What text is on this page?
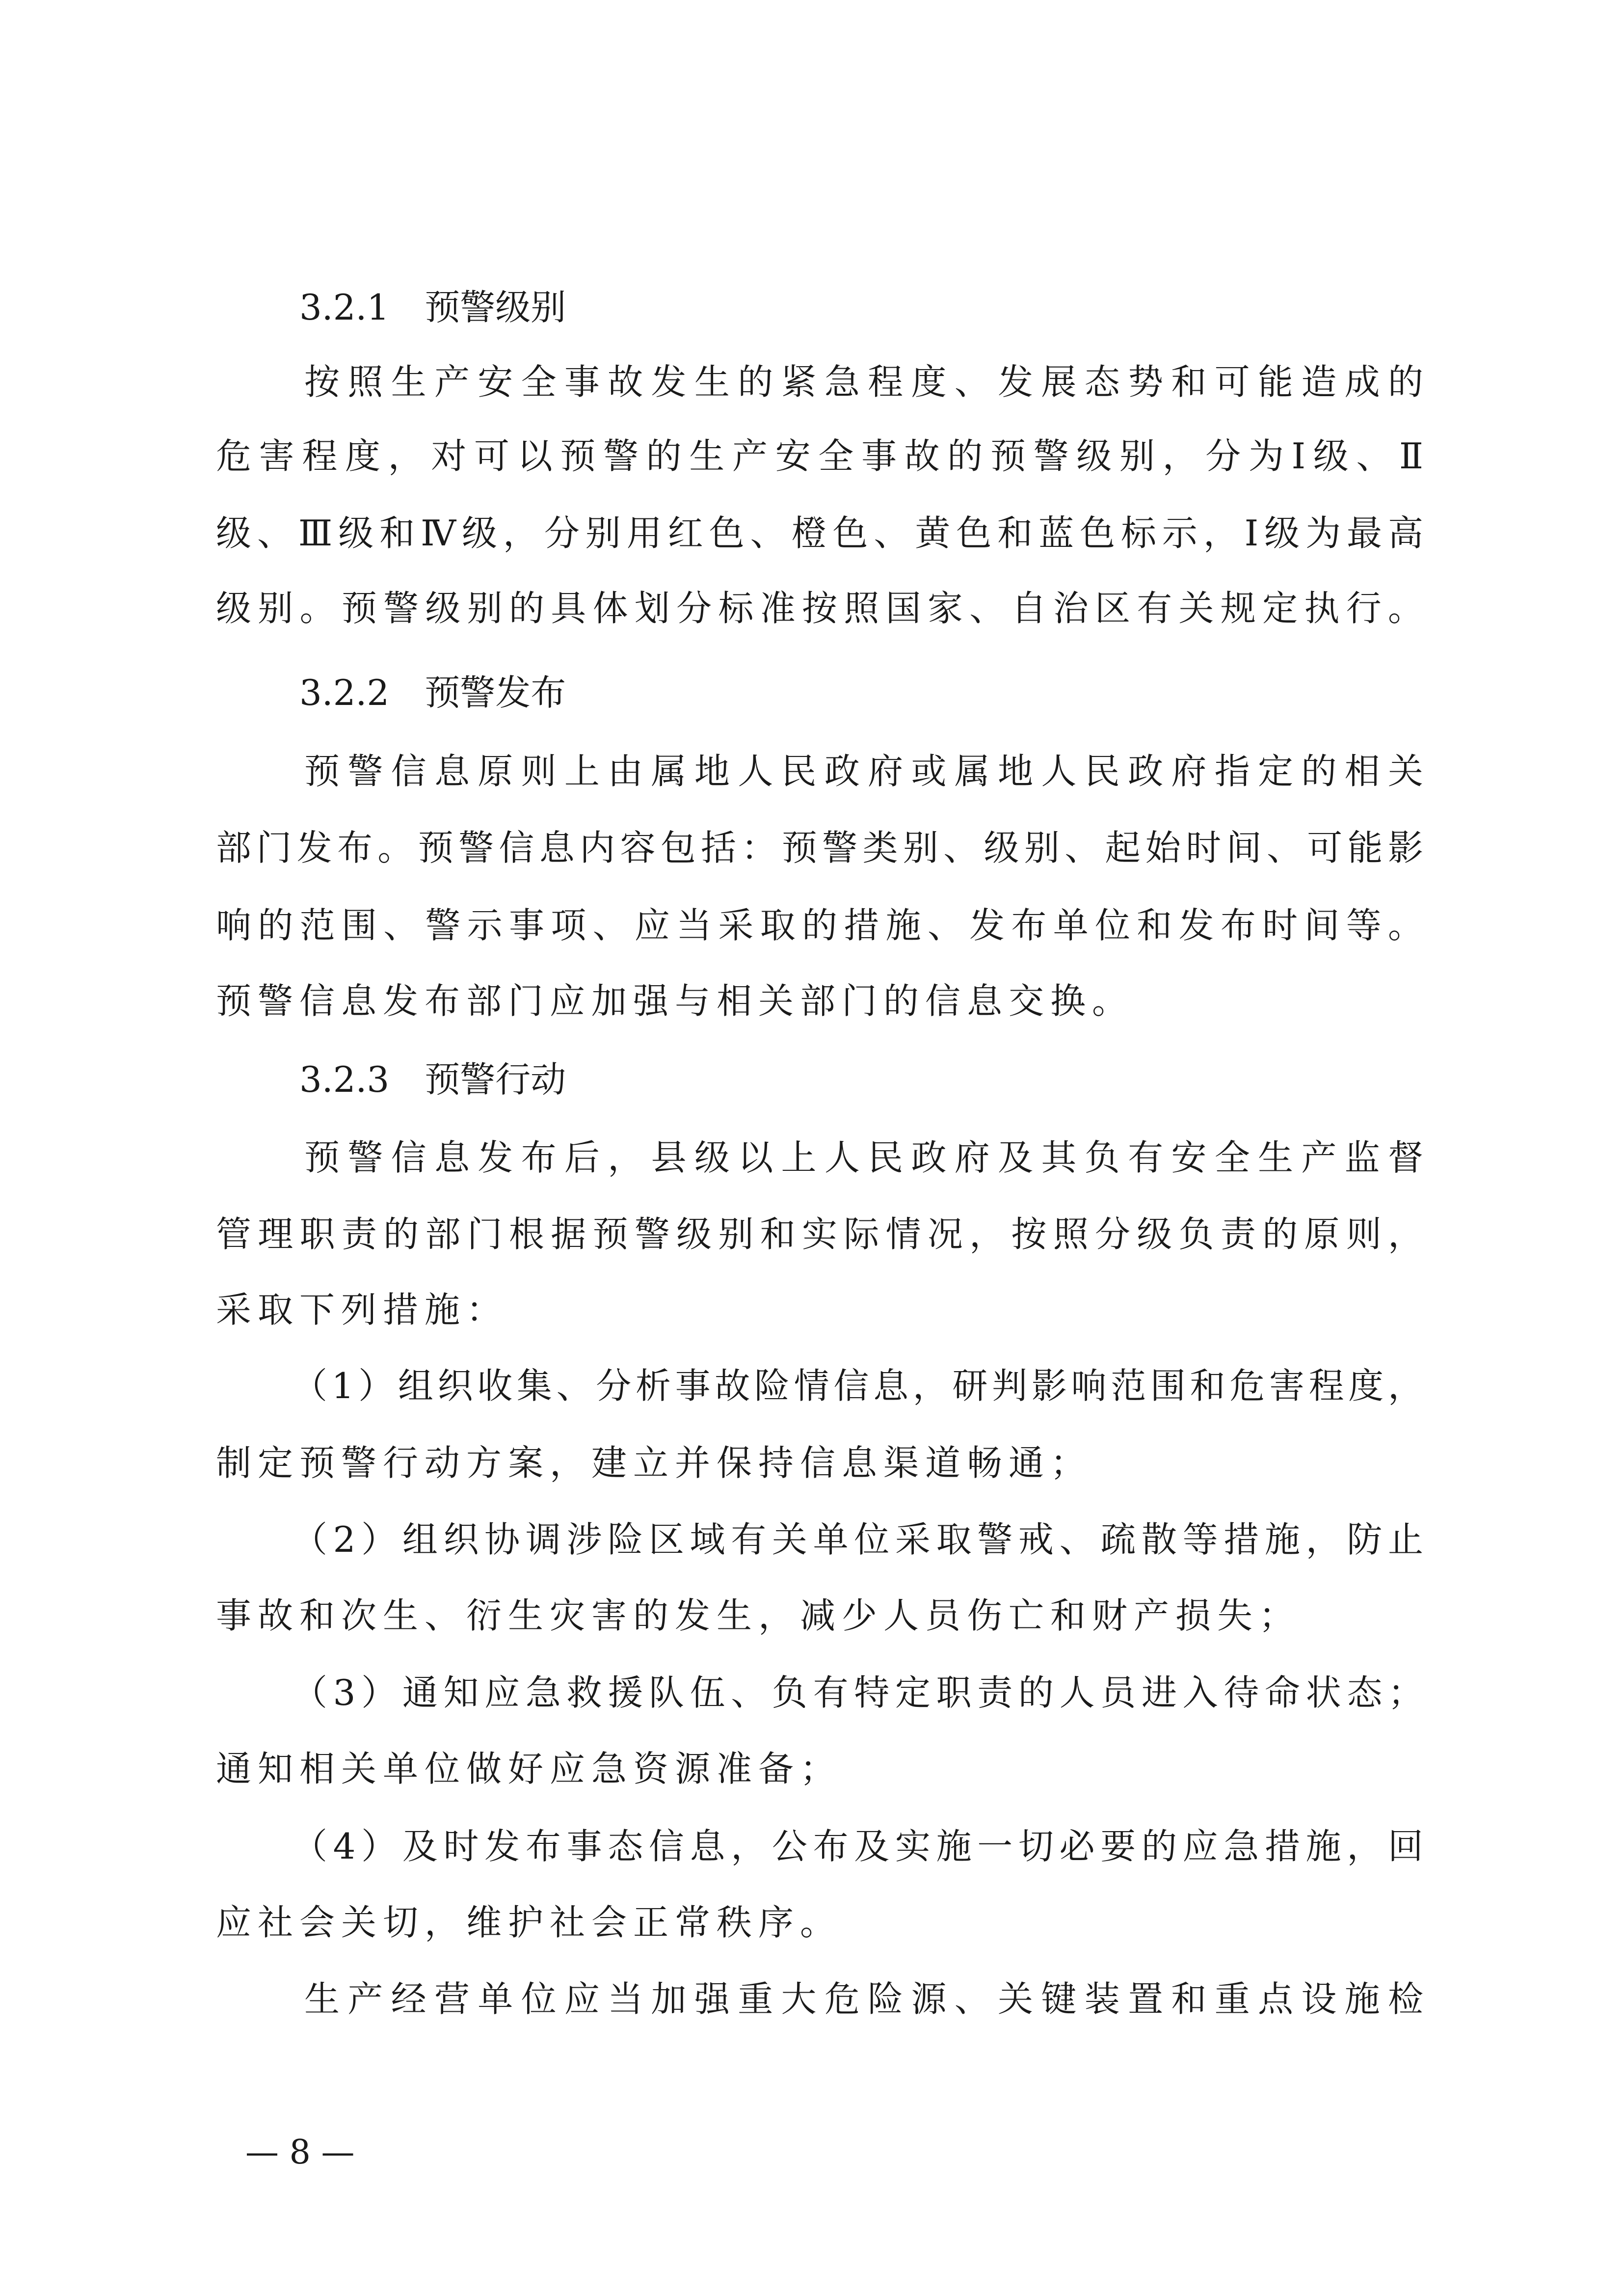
3.2.1　预警级别
按照生产安全事故发生的紧急程度、发展态势和可能造成的
危害程度，对可以预警的生产安全事故的预警级别，分为Ⅰ级、Ⅱ
级、Ⅲ级和Ⅳ级，分别用红色、橙色、黄色和蓝色标示，Ⅰ级为最高
级别。预警级别的具体划分标准按照国家、自治区有关规定执行。
3.2.2　预警发布
预警信息原则上由属地人民政府或属地人民政府指定的相关
部门发布。预警信息内容包括：预警类别、级别、起始时间、可能影
响的范围、警示事项、应当采取的措施、发布单位和发布时间等。
预警信息发布部门应加强与相关部门的信息交换。
3.2.3　预警行动
预警信息发布后，县级以上人民政府及其负有安全生产监督
管理职责的部门根据预警级别和实际情况，按照分级负责的原则，
采取下列措施：
（1）组织收集、分析事故险情信息，研判影响范围和危害程度，
制定预警行动方案，建立并保持信息渠道畅通；
（2）组织协调涉险区域有关单位采取警戒、疏散等措施，防止
事故和次生、衍生灾害的发生，减少人员伤亡和财产损失；
（3）通知应急救援队伍、负有特定职责的人员进入待命状态；
通知相关单位做好应急资源准备；
（4）及时发布事态信息，公布及实施一切必要的应急措施，回
应社会关切，维护社会正常秩序。
生产经营单位应当加强重大危险源、关键装置和重点设施检
— 8 —
